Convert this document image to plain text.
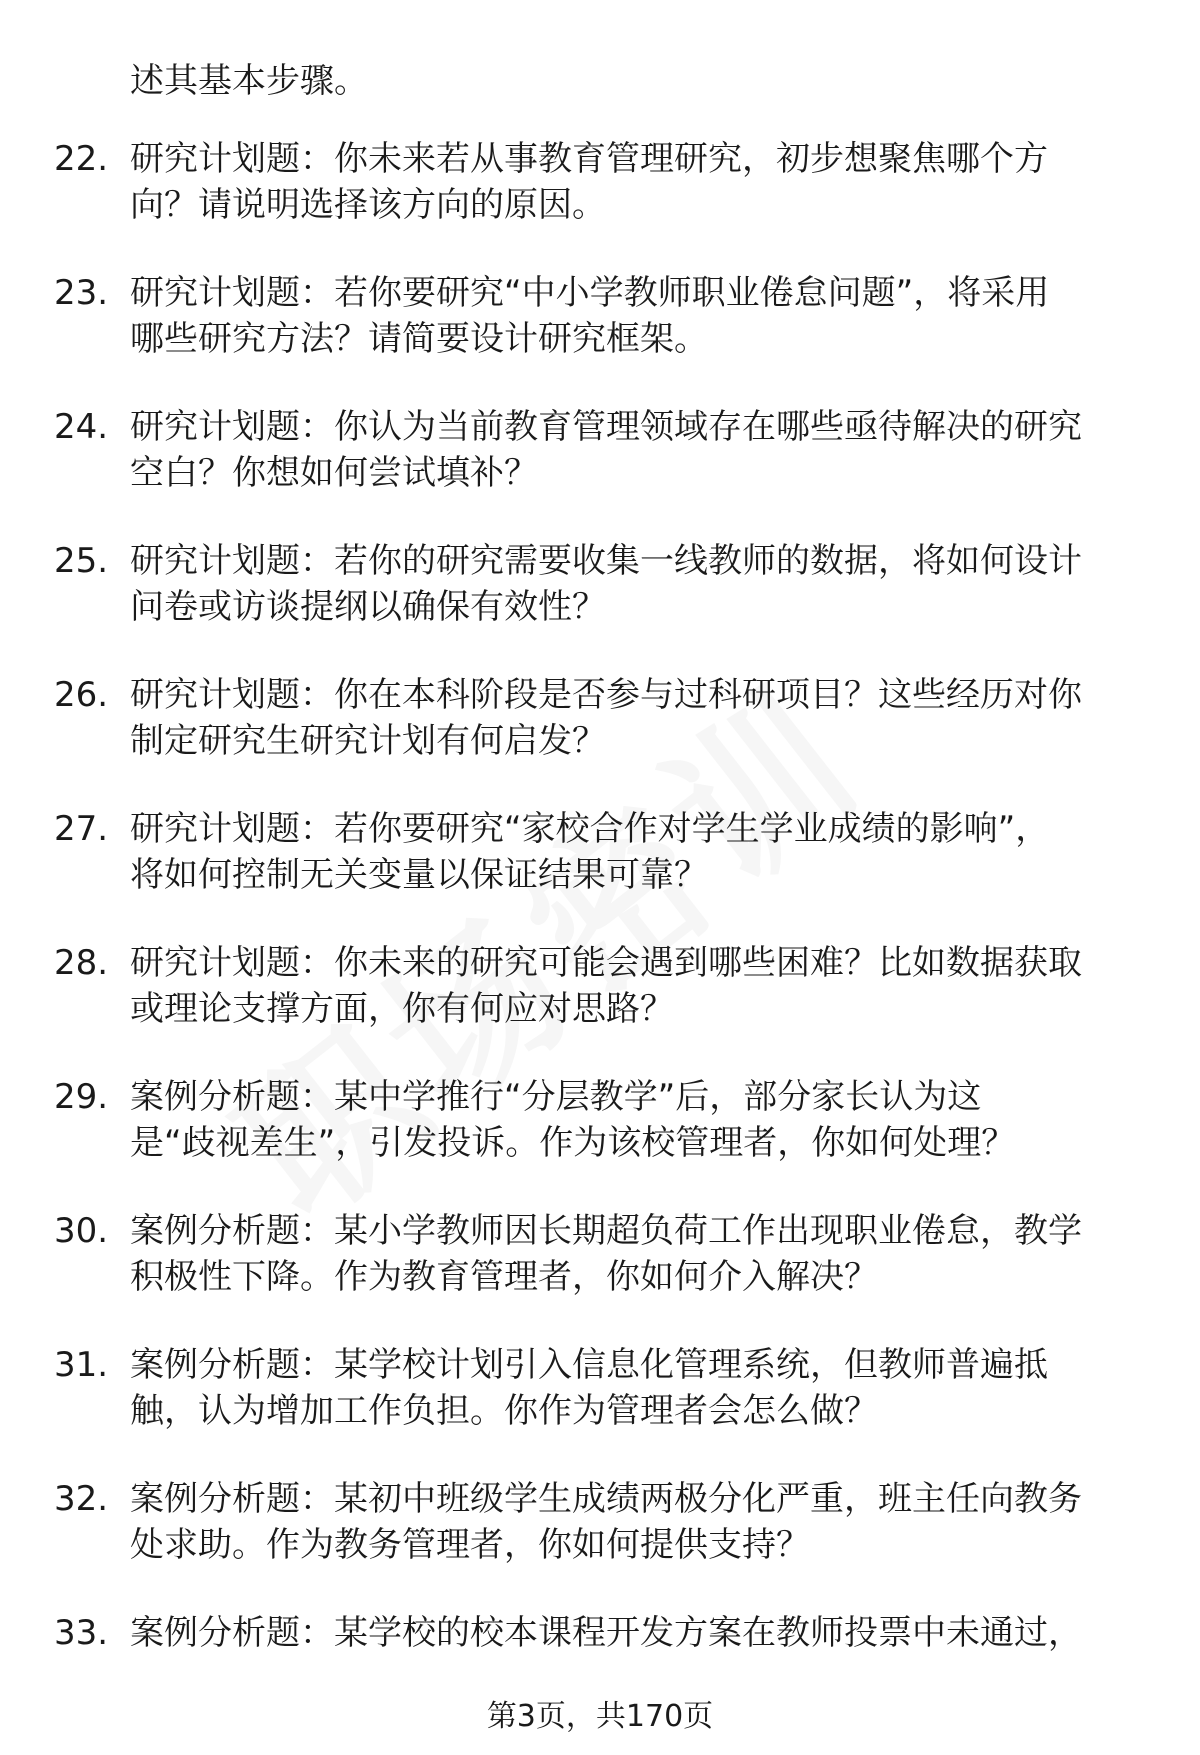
述其基本步骤。
22. 研究计划题：你未来若从事教育管理研究，初步想聚焦哪个方
向？请说明选择该方向的原因。
23. 研究计划题：若你要研究“中小学教师职业倦怠问题”，将采用
哪些研究方法？请简要设计研究框架。
24. 研究计划题：你认为当前教育管理领域存在哪些亟待解决的研究
空白？你想如何尝试填补？
25. 研究计划题：若你的研究需要收集一线教师的数据，将如何设计
问卷或访谈提纲以确保有效性？
26. 研究计划题：你在本科阶段是否参与过科研项目？这些经历对你
制定研究生研究计划有何启发？
27. 研究计划题：若你要研究“家校合作对学生学业成绩的影响”，
将如何控制无关变量以保证结果可靠？
28. 研究计划题：你未来的研究可能会遇到哪些困难？比如数据获取
或理论支撑方面，你有何应对思路？
29. 案例分析题：某中学推行“分层教学”后，部分家长认为这
是“歧视差生”，引发投诉。作为该校管理者，你如何处理？
30. 案例分析题：某小学教师因长期超负荷工作出现职业倦怠，教学
积极性下降。作为教育管理者，你如何介入解决？
31. 案例分析题：某学校计划引入信息化管理系统，但教师普遍抵
触，认为增加工作负担。你作为管理者会怎么做？
32. 案例分析题：某初中班级学生成绩两极分化严重，班主任向教务
处求助。作为教务管理者，你如何提供支持？
33. 案例分析题：某学校的校本课程开发方案在教师投票中未通过，
第3页，共170页
